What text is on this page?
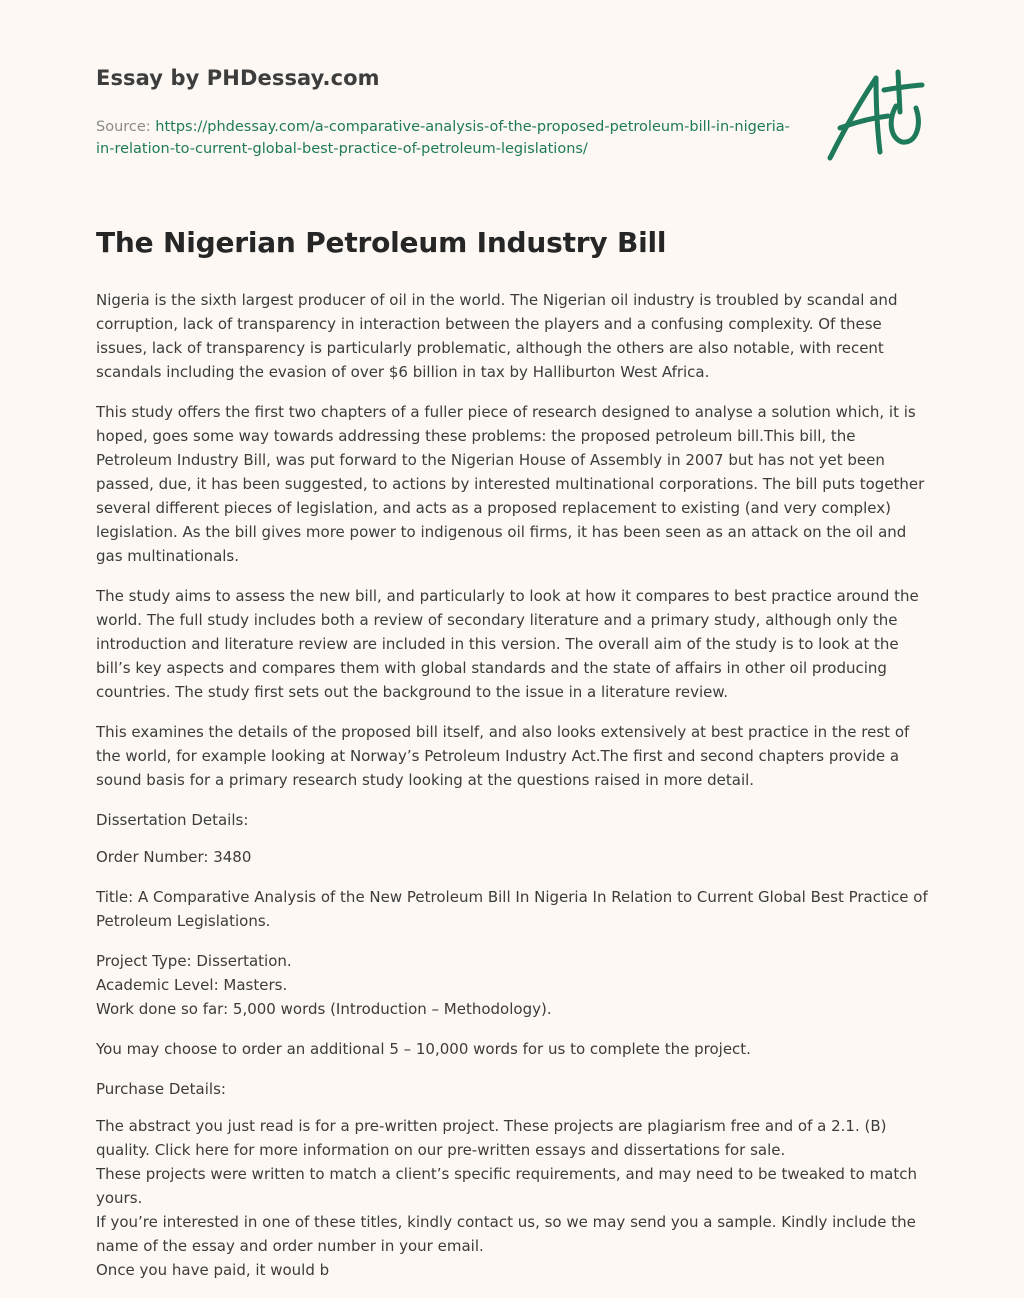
Essay by PHDessay.com
Source: https://phdessay.com/a-comparative-analysis-of-the-proposed-petroleum-bill-in-nigeria-in-relation-to-current-global-best-practice-of-petroleum-legislations/
The Nigerian Petroleum Industry Bill

Nigeria is the sixth largest producer of oil in the world. The Nigerian oil industry is troubled by scandal and corruption, lack of transparency in interaction between the players and a confusing complexity. Of these issues, lack of transparency is particularly problematic, although the others are also notable, with recent scandals including the evasion of over $6 billion in tax by Halliburton West Africa.

This study offers the first two chapters of a fuller piece of research designed to analyse a solution which, it is hoped, goes some way towards addressing these problems: the proposed petroleum bill.This bill, the Petroleum Industry Bill, was put forward to the Nigerian House of Assembly in 2007 but has not yet been passed, due, it has been suggested, to actions by interested multinational corporations. The bill puts together several different pieces of legislation, and acts as a proposed replacement to existing (and very complex) legislation. As the bill gives more power to indigenous oil firms, it has been seen as an attack on the oil and gas multinationals.

The study aims to assess the new bill, and particularly to look at how it compares to best practice around the world. The full study includes both a review of secondary literature and a primary study, although only the introduction and literature review are included in this version. The overall aim of the study is to look at the bill’s key aspects and compares them with global standards and the state of affairs in other oil producing countries. The study first sets out the background to the issue in a literature review.

This examines the details of the proposed bill itself, and also looks extensively at best practice in the rest of the world, for example looking at Norway’s Petroleum Industry Act.The first and second chapters provide a sound basis for a primary research study looking at the questions raised in more detail.

Dissertation Details:

Order Number: 3480

Title: A Comparative Analysis of the New Petroleum Bill In Nigeria In Relation to Current Global Best Practice of Petroleum Legislations.

Project Type: Dissertation.
Academic Level: Masters.
Work done so far: 5,000 words (Introduction – Methodology).

You may choose to order an additional 5 – 10,000 words for us to complete the project.

Purchase Details:

The abstract you just read is for a pre-written project. These projects are plagiarism free and of a 2.1. (B) quality. Click here for more information on our pre-written essays and dissertations for sale.
These projects were written to match a client’s specific requirements, and may need to be tweaked to match yours.
If you’re interested in one of these titles, kindly contact us, so we may send you a sample. Kindly include the name of the essay and order number in your email.
Once you have paid, it would b
